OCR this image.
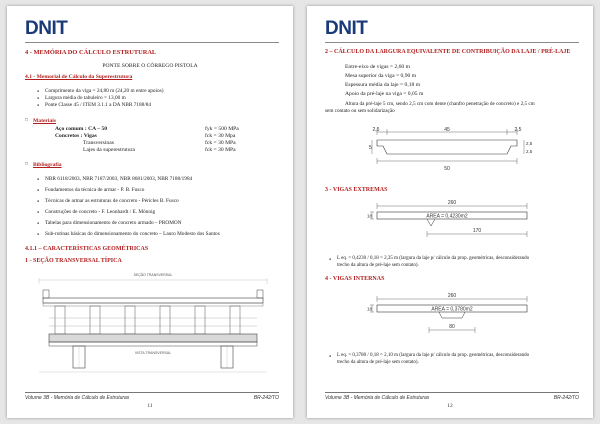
DNIT
4 - MEMÓRIA DO CÁLCULO ESTRUTURAL
PONTE SOBRE O CÓRREGO PISTOLA
4.1 - Memorial de Cálculo da Superestrutura
● Comprimento da viga = 24,80 m (24,20 m entre apoios)
● Largura média do tabuleiro = 13,00 m
● Ponte Classe 45 / ITEM 3.1.1 a DA NBR 7188/84
□ Materiais
Aço comum : CA – 50	fyk = 500 MPa
Concretos : Vigas	fck = 30 Mpa
Transversinas	fck = 30 MPa
Lajes da superestrutura	fck = 30 MPa
□ Bibliografia
● NBR 6118/2003, NBR 7187/2003, NBR 8681/2003, NBR 7188/1984
● Fundamentos da técnica de armar - P. B. Fusco
● Técnicas de armar as estruturas de concreto - Péricles B. Fusco
● Construções de concreto - F. Leonhardt / E. Mönnig
● Tabelas para dimensionamento de concreto armado – PROMON
● Sub-rotinas básicas do dimensionamento do concreto – Lauro Modesto dos Santos
4.1.1 – CARACTERÍSTICAS GEOMÉTRICAS
1 - SEÇÃO TRANSVERSAL TÍPICA
SEÇÃO TRANSVERSAL
VISTA TRANSVERSAL
Volume 3B - Memória de Cálculo de Estruturas	BR-242/TO
11
DNIT
2 – CÁLCULO DA LARGURA EQUIVALENTE DE CONTRIBUIÇÃO DA LAJE / PRÉ-LAJE
Entre-eixo de vigas = 2,60 m
Mesa superior da viga = 0,90 m
Espessura média da laje = 0,18 m
Apoio da pré-laje na viga = 0,05 m
Altura da pré-laje 5 cm, sendo 2,5 cm com dente (chanfro penetração de concreto) e 2,5 cm
sem contato ou sem solidarização
2,5	45	2,5
5
2,5
2,5
50
3 - VIGAS EXTREMAS
260
AREA = 0,4230m2
18
170
● L eq. = 0,4230 / 0,18 = 2,35 m (largura da laje p/ cálculo da prop. geométricas, desconsiderando
trecho da altura de pré-laje sem contato).
4 - VIGAS INTERNAS
260
AREA = 0,3780m2
18
80
● L eq. = 0,3780 / 0,18 = 2,10 m (largura da laje p/ cálculo da prop. geométricas, desconsiderando
trecho da altura de pré-laje sem contato).
Volume 3B - Memória de Cálculo de Estruturas	BR-242/TO
12
